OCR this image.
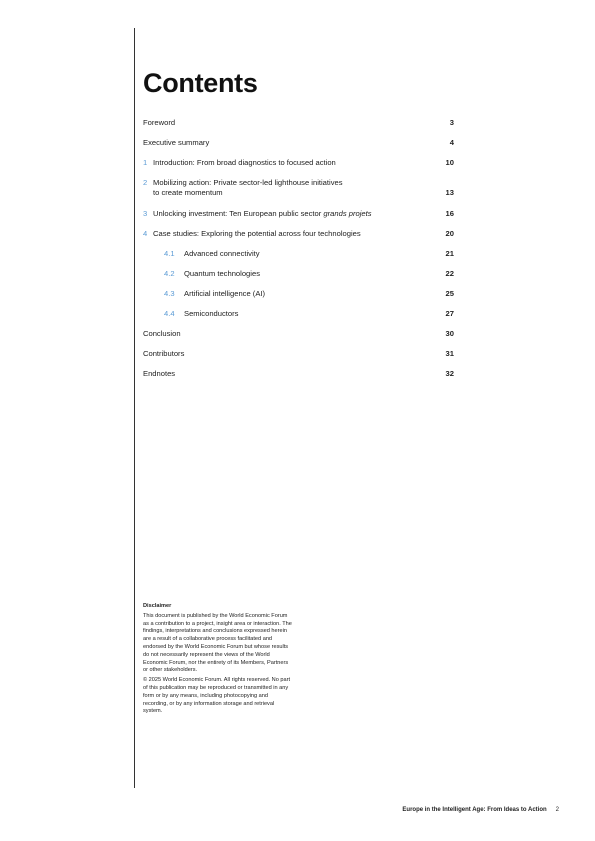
Contents
Foreword	3
Executive summary	4
1 Introduction: From broad diagnostics to focused action	10
2 Mobilizing action: Private sector-led lighthouse initiatives
to create momentum	13
3 Unlocking investment: Ten European public sector grands projets	16
4 Case studies: Exploring the potential across four technologies	20
4.1	Advanced connectivity	21
4.2	Quantum technologies	22
4.3	Artificial intelligence (AI)	25
4.4	Semiconductors	27
Conclusion	30
Contributors	31
Endnotes	32

Disclaimer

This document is published by the World Economic Forum as a contribution to a project, insight area or interaction. The findings, interpretations and conclusions expressed herein are a result of a collaborative process facilitated and endorsed by the World Economic Forum but whose results do not necessarily represent the views of the World Economic Forum, nor the entirety of its Members, Partners or other stakeholders.

© 2025 World Economic Forum. All rights reserved. No part of this publication may be reproduced or transmitted in any form or by any means, including photocopying and recording, or by any information storage and retrieval system.

Europe in the Intelligent Age: From Ideas to Action 2
